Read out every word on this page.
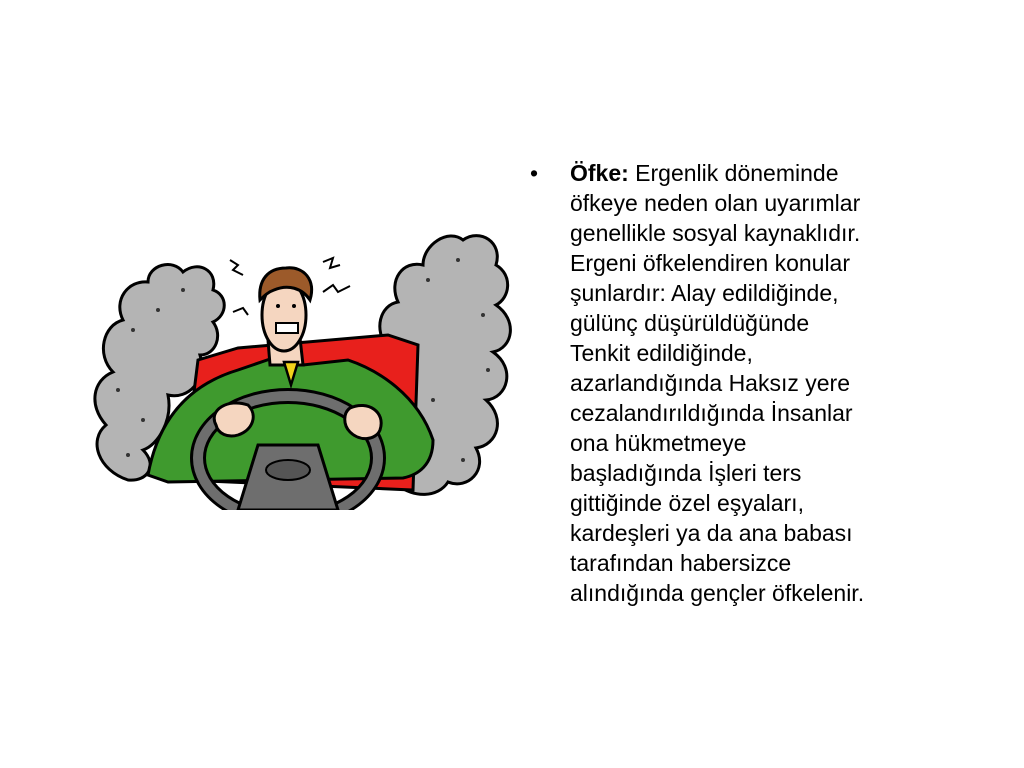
•	Öfke: Ergenlik döneminde
öfkeye neden olan uyarımlar
genellikle sosyal kaynaklıdır.
Ergeni öfkelendiren konular
şunlardır: Alay edildiğinde,
gülünç düşürüldüğünde
Tenkit edildiğinde,
azarlandığında Haksız yere
cezalandırıldığında İnsanlar
ona hükmetmeye
başladığında İşleri ters
gittiğinde özel eşyaları,
kardeşleri ya da ana babası
tarafından habersizce
alındığında gençler öfkelenir.
